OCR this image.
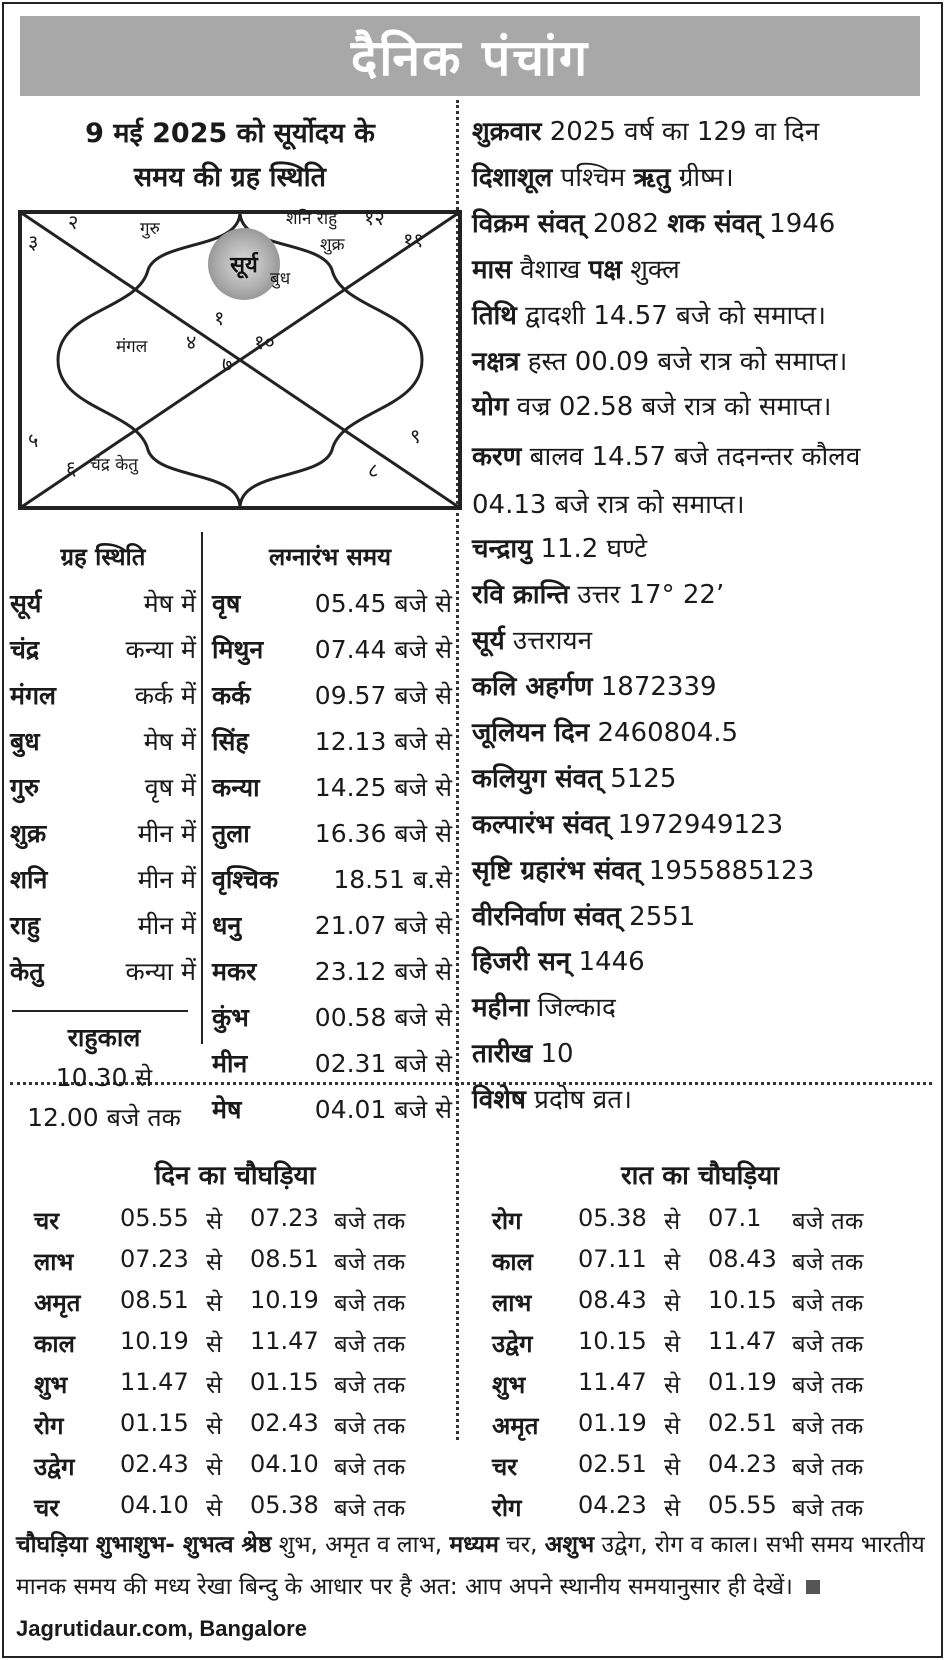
दैनिक पंचांग
9 मई 2025 को सूर्योदय के
समय की ग्रह स्थिति
सूर्य
२	गुरु	शनि राहु १२
शुक्र
३	११
बुध
१
मंगल ४	१०
७
५	९
६ चंद्र केतु	८
ग्रह स्थिति
सूर्य	मेष में
चंद्र	कन्या में
मंगल	कर्क में
बुध	मेष में
गुरु	वृष में
शुक्र	मीन में
शनि	मीन में
राहु	मीन में
केतु	कन्या में
लग्नारंभ समय
वृष	05.45 बजे से
मिथुन 07.44 बजे से
कर्क	09.57 बजे से
सिंह	12.13 बजे से
कन्या 14.25 बजे से
तुला	16.36 बजे से
वृश्चिक 18.51 ब.से
धनु	21.07 बजे से
मकर 23.12 बजे से
कुंभ	00.58 बजे से
मीन	02.31 बजे से
मेष	04.01 बजे से
राहुकाल
10.30 से
12.00 बजे तक
शुक्रवार 2025 वर्ष का 129 वा दिन
दिशाशूल पश्चिम ऋतु ग्रीष्म।
विक्रम संवत् 2082 शक संवत् 1946
मास वैशाख पक्ष शुक्ल
तिथि द्वादशी 14.57 बजे को समाप्त।
नक्षत्र हस्त 00.09 बजे रात्र को समाप्त।
योग वज्र 02.58 बजे रात्र को समाप्त।
करण बालव 14.57 बजे तदनन्तर कौलव 04.13 बजे रात्र को समाप्त।
चन्द्रायु 11.2 घण्टे
रवि क्रान्ति उत्तर 17° 22’
सूर्य उत्तरायन
कलि अहर्गण 1872339
जूलियन दिन 2460804.5
कलियुग संवत् 5125
कल्पारंभ संवत् 1972949123
सृष्टि ग्रहारंभ संवत् 1955885123
वीरनिर्वाण संवत् 2551
हिजरी सन् 1446
महीना जिल्काद
तारीख 10
विशेष प्रदोष व्रत।
दिन का चौघड़िया	रात का चौघड़िया
चर	05.55 से 07.23 बजे तक
लाभ 07.23 से 08.51 बजे तक
अमृत 08.51 से 10.19 बजे तक
काल 10.19 से 11.47 बजे तक
शुभ 11.47 से 01.15 बजे तक
रोग 01.15 से 02.43 बजे तक
उद्वेग 02.43 से 04.10 बजे तक
चर	04.10 से 05.38 बजे तक
रोग 05.38 से 07.1 बजे तक
काल 07.11 से 08.43 बजे तक
लाभ 08.43 से 10.15 बजे तक
उद्वेग 10.15 से 11.47 बजे तक
शुभ 11.47 से 01.19 बजे तक
अमृत 01.19 से 02.51 बजे तक
चर	02.51 से 04.23 बजे तक
रोग 04.23 से 05.55 बजे तक
चौघड़िया शुभाशुभ- शुभत्व श्रेष्ठ शुभ, अमृत व लाभ, मध्यम चर, अशुभ उद्वेग, रोग व काल। सभी समय भारतीय मानक समय की मध्य रेखा बिन्दु के आधार पर है अत: आप अपने स्थानीय समयानुसार ही देखें। Jagrutidaur.com, Bangalore
